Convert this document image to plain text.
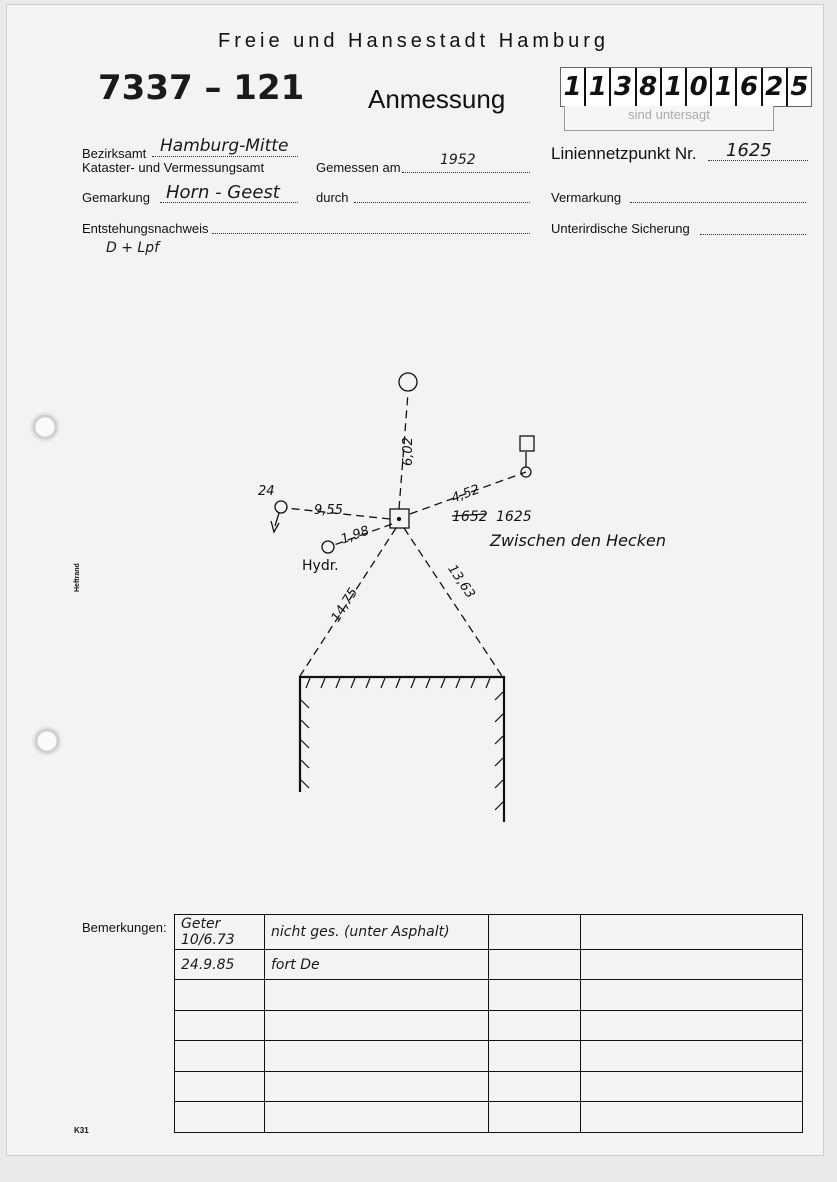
Freie und Hansestadt Hamburg
7337 – 121 Anmessung 1 1 3 8 1 0 1 6 2 5
sind untersagt
Bezirksamt Hamburg-Mitte
Kataster- und Vermessungsamt	Gemessen am	1952
Gemarkung Horn - Geest	durch
Entstehungsnachweis
D + Lpf
Liniennetzpunkt Nr. 1625
Vermarkung
Unterirdische Sicherung
6,02
4,52
9,55
1,98
14,75
13,63
24
1652 1625
Zwischen den Hecken
Hydr.
Heftrand
K31
Bemerkungen: Geter 10/6.73	nicht ges. (unter Asphalt)		
24.9.85	fort De		
